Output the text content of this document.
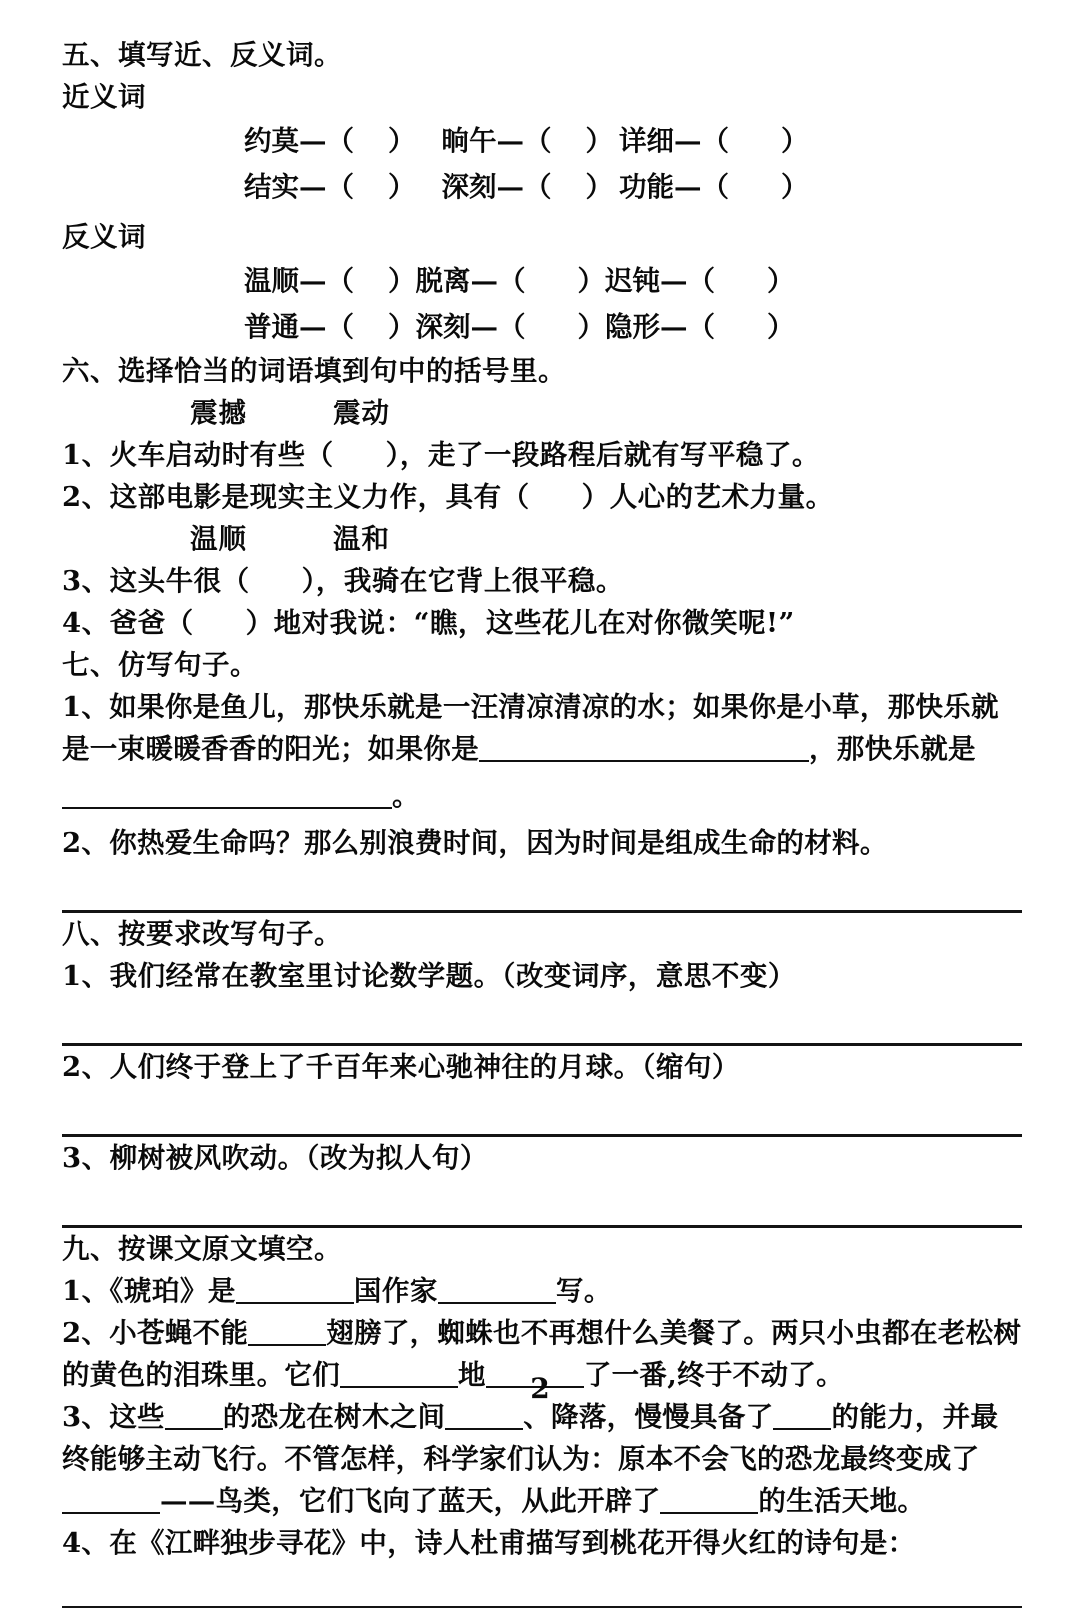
五、填写近、反义词。
近义词
约莫—（ ） 晌午—（ ） 详细—（ ）
结实—（ ） 深刻—（ ） 功能—（ ）
反义词
温顺—（ ）脱离—（ ）迟钝—（ ）
普通—（ ）深刻—（ ）隐形—（ ）
六、选择恰当的词语填到句中的括号里。
震撼	震动
1、火车启动时有些（ ），走了一段路程后就有写平稳了。
2、这部电影是现实主义力作，具有（ ）人心的艺术力量。
温顺	温和
3、这头牛很（ ），我骑在它背上很平稳。
4、爸爸（ ）地对我说：“瞧，这些花儿在对你微笑呢!”
七、仿写句子。
1、如果你是鱼儿，那快乐就是一汪清凉清凉的水；如果你是小草，那快乐就是一束暖暖香香的阳光；如果你是	，那快乐就是
。
2、你热爱生命吗？那么别浪费时间，因为时间是组成生命的材料。
八、按要求改写句子。
1、我们经常在教室里讨论数学题。（改变词序，意思不变）
2、人们终于登上了千百年来心驰神往的月球。（缩句）
3、柳树被风吹动。（改为拟人句）
九、按课文原文填空。
1、《琥珀》是	国作家	写。
2、小苍蝇不能	翅膀了，蜘蛛也不再想什么美餐了。两只小虫都在老松树的黄色的泪珠里。它们	地	了一番,终于不动了。
3、这些 的恐龙在树木之间	、降落，慢慢具备了 的能力，并最终能够主动飞行。不管怎样，科学家们认为：原本不会飞的恐龙最终变成了——鸟类，它们飞向了蓝天，从此开辟了	的生活天地。
4、在《江畔独步寻花》中，诗人杜甫描写到桃花开得火红的诗句是：
2
